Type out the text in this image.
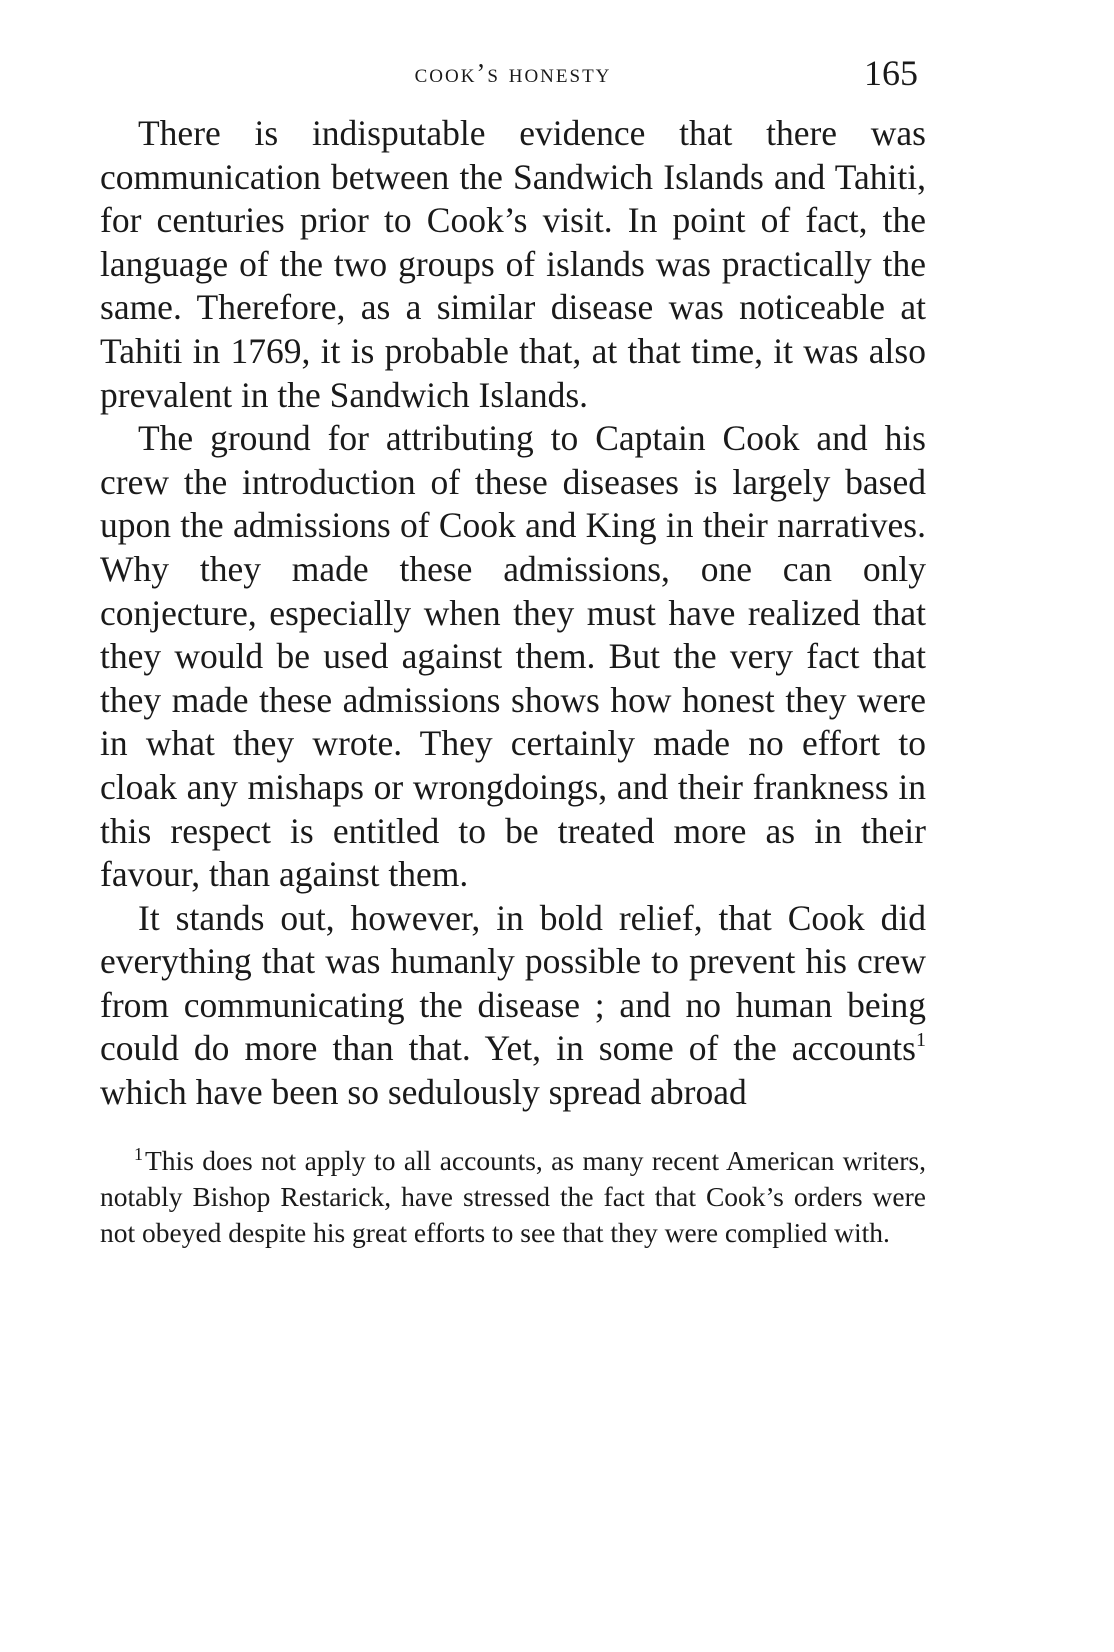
cook’s honesty	165

There is indisputable evidence that there was communication between the Sandwich Islands and Tahiti, for centuries prior to Cook’s visit. In point of fact, the language of the two groups of islands was practically the same. Therefore, as a similar disease was noticeable at Tahiti in 1769, it is probable that, at that time, it was also prevalent in the Sandwich Islands.

The ground for attributing to Captain Cook and his crew the introduction of these diseases is largely based upon the admissions of Cook and King in their narratives. Why they made these admissions, one can only conjecture, especially when they must have realized that they would be used against them. But the very fact that they made these admissions shows how honest they were in what they wrote. They certainly made no effort to cloak any mishaps or wrongdoings, and their frankness in this respect is entitled to be treated more as in their favour, than against them.

It stands out, however, in bold relief, that Cook did everything that was humanly possible to prevent his crew from communicating the disease ; and no human being could do more than that. Yet, in some of the accounts$^1$ which have been so sedulously spread abroad

$^1$This does not apply to all accounts, as many recent American writers, notably Bishop Restarick, have stressed the fact that Cook’s orders were not obeyed despite his great efforts to see that they were complied with.
